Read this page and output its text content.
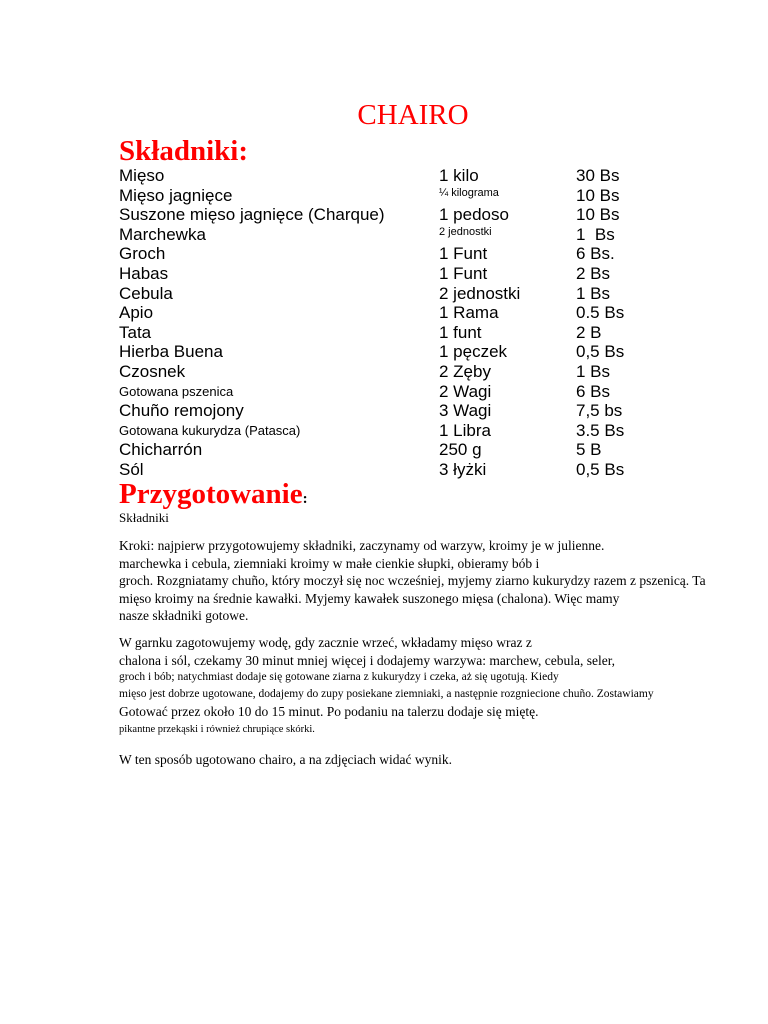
CHAIRO
Składniki:
Mięso	1 kilo	30 Bs
Mięso jagnięce	¼ kilograma	10 Bs
Suszone mięso jagnięce (Charque)	1 pedoso	10 Bs
Marchewka	2 jednostki	1  Bs
Groch	1 Funt	6 Bs.
Habas	1 Funt	2 Bs
Cebula	2 jednostki	1 Bs
Apio	1 Rama	0.5 Bs
Tata	1 funt	2 B
Hierba Buena	1 pęczek	0,5 Bs
Czosnek	2 Zęby	1 Bs
Gotowana pszenica	2 Wagi	6 Bs
Chuño remojony	3 Wagi	7,5 bs
Gotowana kukurydza (Patasca)	1 Libra	3.5 Bs
Chicharrón	250 g	5 B
Sól	3 łyżki	0,5 Bs
Przygotowanie:

Składniki

Kroki: najpierw przygotowujemy składniki, zaczynamy od warzyw, kroimy je w julienne.

marchewka i cebula, ziemniaki kroimy w małe cienkie słupki, obieramy bób i

groch. Rozgniatamy chuño, który moczył się noc wcześniej, myjemy ziarno kukurydzy razem z pszenicą. Ta

mięso kroimy na średnie kawałki. Myjemy kawałek suszonego mięsa (chalona). Więc mamy

nasze składniki gotowe.

W garnku zagotowujemy wodę, gdy zacznie wrzeć, wkładamy mięso wraz z

chalona i sól, czekamy 30 minut mniej więcej i dodajemy warzywa: marchew, cebula, seler,

groch i bób; natychmiast dodaje się gotowane ziarna z kukurydzy i czeka, aż się ugotują. Kiedy

mięso jest dobrze ugotowane, dodajemy do zupy posiekane ziemniaki, a następnie rozgniecione chuño. Zostawiamy

Gotować przez około 10 do 15 minut. Po podaniu na talerzu dodaje się miętę.

pikantne przekąski i również chrupiące skórki.

W ten sposób ugotowano chairo, a na zdjęciach widać wynik.
